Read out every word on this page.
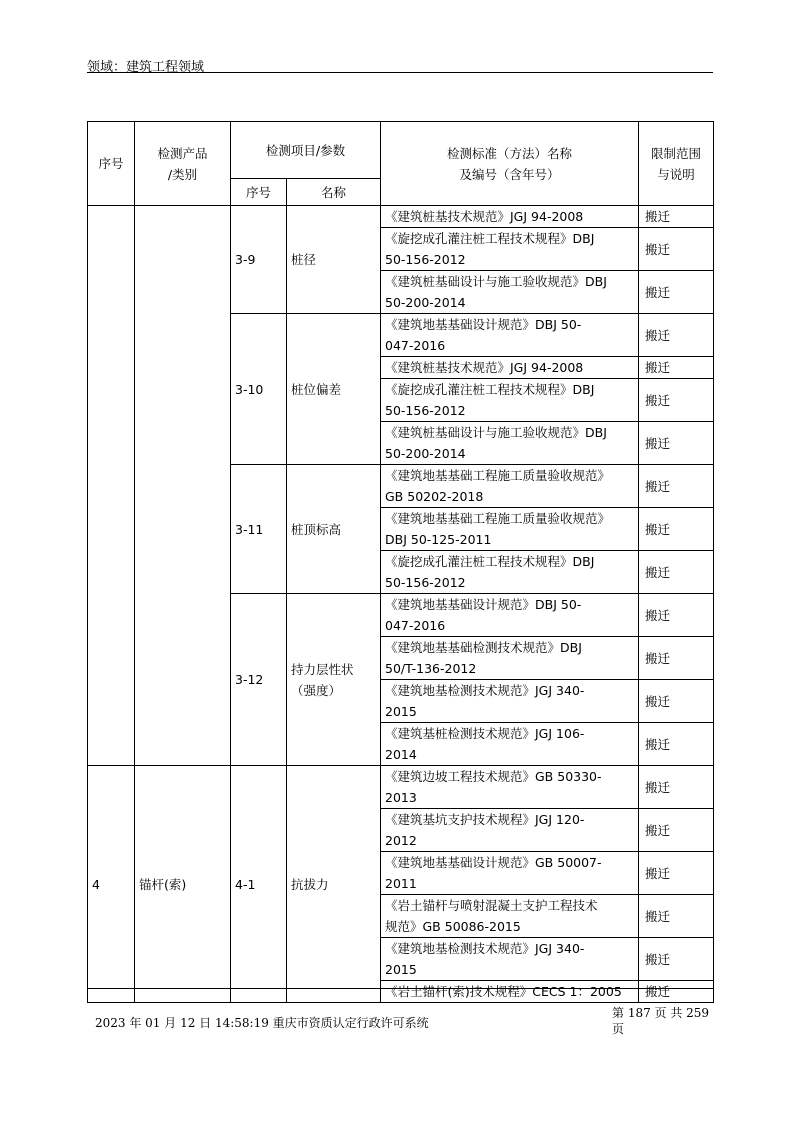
领域：建筑工程领域
序号	检测产品
/类别	检测项目/参数		检测标准（方法）名称
及编号（含年号）	限制范围
与说明
		序号	名称		
		3-9	桩径	《建筑桩基技术规范》JGJ 94-2008	搬迁
				《旋挖成孔灌注桩工程技术规程》DBJ
50-156-2012	搬迁
				《建筑桩基础设计与施工验收规范》DBJ
50-200-2014	搬迁
		3-10	桩位偏差	《建筑地基基础设计规范》DBJ 50-
047-2016	搬迁
				《建筑桩基技术规范》JGJ 94-2008	搬迁
				《旋挖成孔灌注桩工程技术规程》DBJ
50-156-2012	搬迁
				《建筑桩基础设计与施工验收规范》DBJ
50-200-2014	搬迁
		3-11	桩顶标高	《建筑地基基础工程施工质量验收规范》
GB 50202-2018	搬迁
				《建筑地基基础工程施工质量验收规范》
DBJ 50-125-2011	搬迁
				《旋挖成孔灌注桩工程技术规程》DBJ
50-156-2012	搬迁
		3-12	持力层性状
（强度）	《建筑地基基础设计规范》DBJ 50-
047-2016	搬迁
				《建筑地基基础检测技术规范》DBJ
50/T-136-2012	搬迁
				《建筑地基检测技术规范》JGJ 340-
2015	搬迁
				《建筑基桩检测技术规范》JGJ 106-
2014	搬迁
4	锚杆(索)	4-1	抗拔力	《建筑边坡工程技术规范》GB 50330-
2013	搬迁
				《建筑基坑支护技术规程》JGJ 120-
2012	搬迁
				《建筑地基基础设计规范》GB 50007-
2011	搬迁
				《岩土锚杆与喷射混凝土支护工程技术
规范》GB 50086-2015	搬迁
				《建筑地基检测技术规范》JGJ 340-
2015	搬迁
				《岩土锚杆(索)技术规程》CECS 1：2005	搬迁
2023 年 01 月 12 日 14:58:19 重庆市资质认定行政许可系统
第 187 页 共 259
页
